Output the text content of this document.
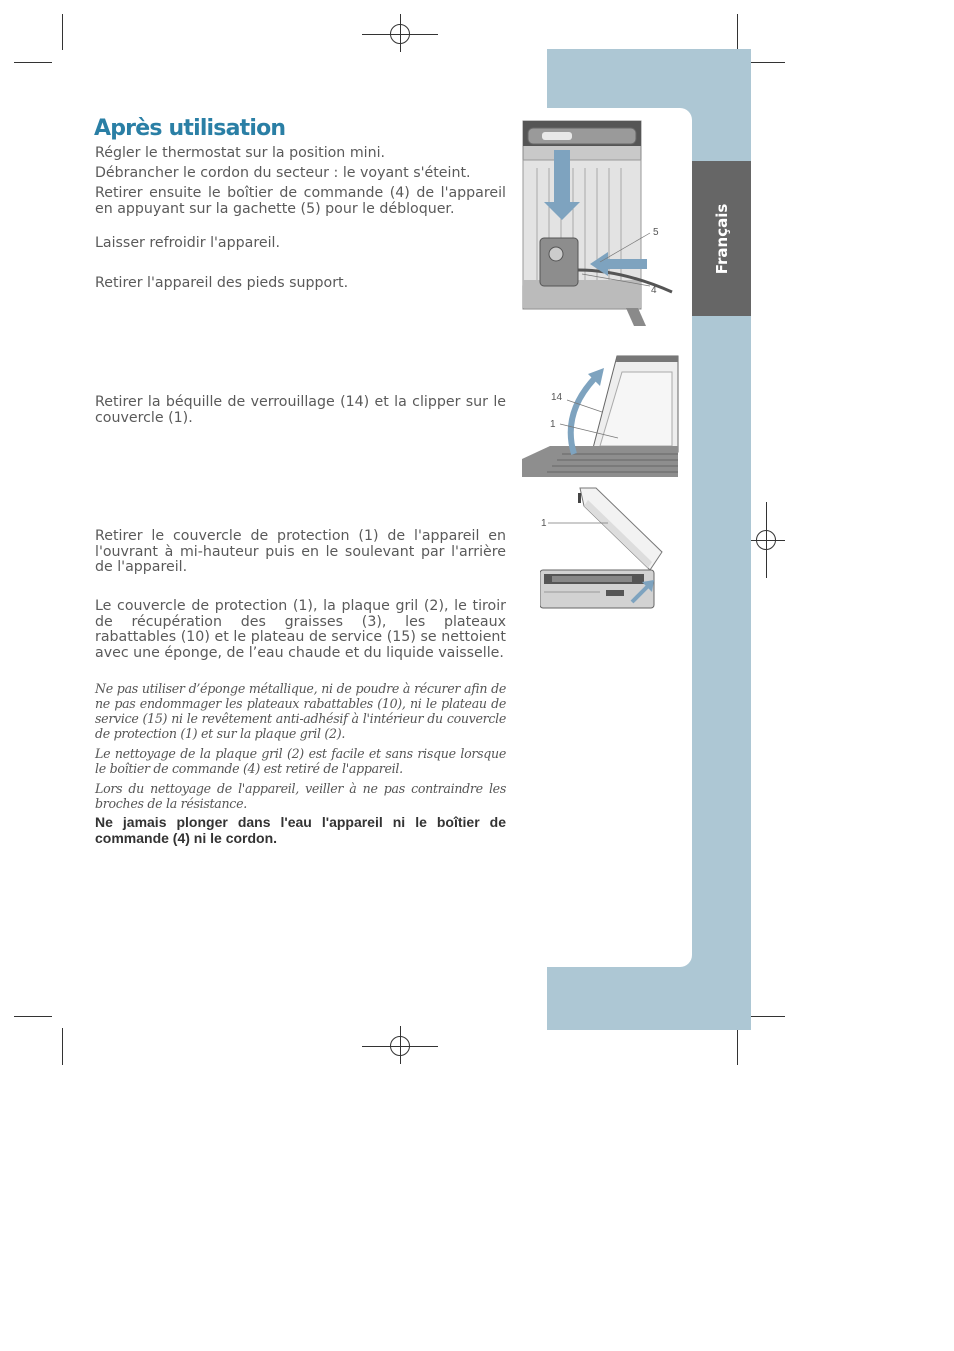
Français
Après utilisation

Régler le thermostat sur la position mini.

Débrancher le cordon du secteur : le voyant s'éteint.

Retirer ensuite le boîtier de commande (4) de l'appareil en appuyant sur la gachette (5) pour le débloquer.

Laisser refroidir l'appareil.

Retirer l'appareil des pieds support.

Retirer la béquille de verrouillage (14) et la clipper sur le couvercle (1).

Retirer le couvercle de protection (1) de l'appareil en l'ouvrant à mi-hauteur puis en le soulevant par l'arrière de l'appareil.

Le couvercle de protection (1), la plaque gril (2), le tiroir de récupération des graisses (3), les plateaux rabattables (10) et le plateau de service (15) se nettoient avec une éponge, de l’eau chaude et du liquide vaisselle.

Ne pas utiliser d’éponge métallique, ni de poudre à récurer afin de ne pas endommager les plateaux rabattables (10), ni le plateau de service (15) ni le revêtement anti-adhésif à l'intérieur du couvercle de protection (1) et sur la plaque gril (2).

Le nettoyage de la plaque gril (2) est facile et sans risque lorsque le boîtier de commande (4) est retiré de l'appareil.

Lors du nettoyage de l'appareil, veiller à ne pas contraindre les broches de la résistance.

Ne jamais plonger dans l'eau l'appareil ni le boîtier de commande (4) ni le cordon.

5
4
14
1
1
